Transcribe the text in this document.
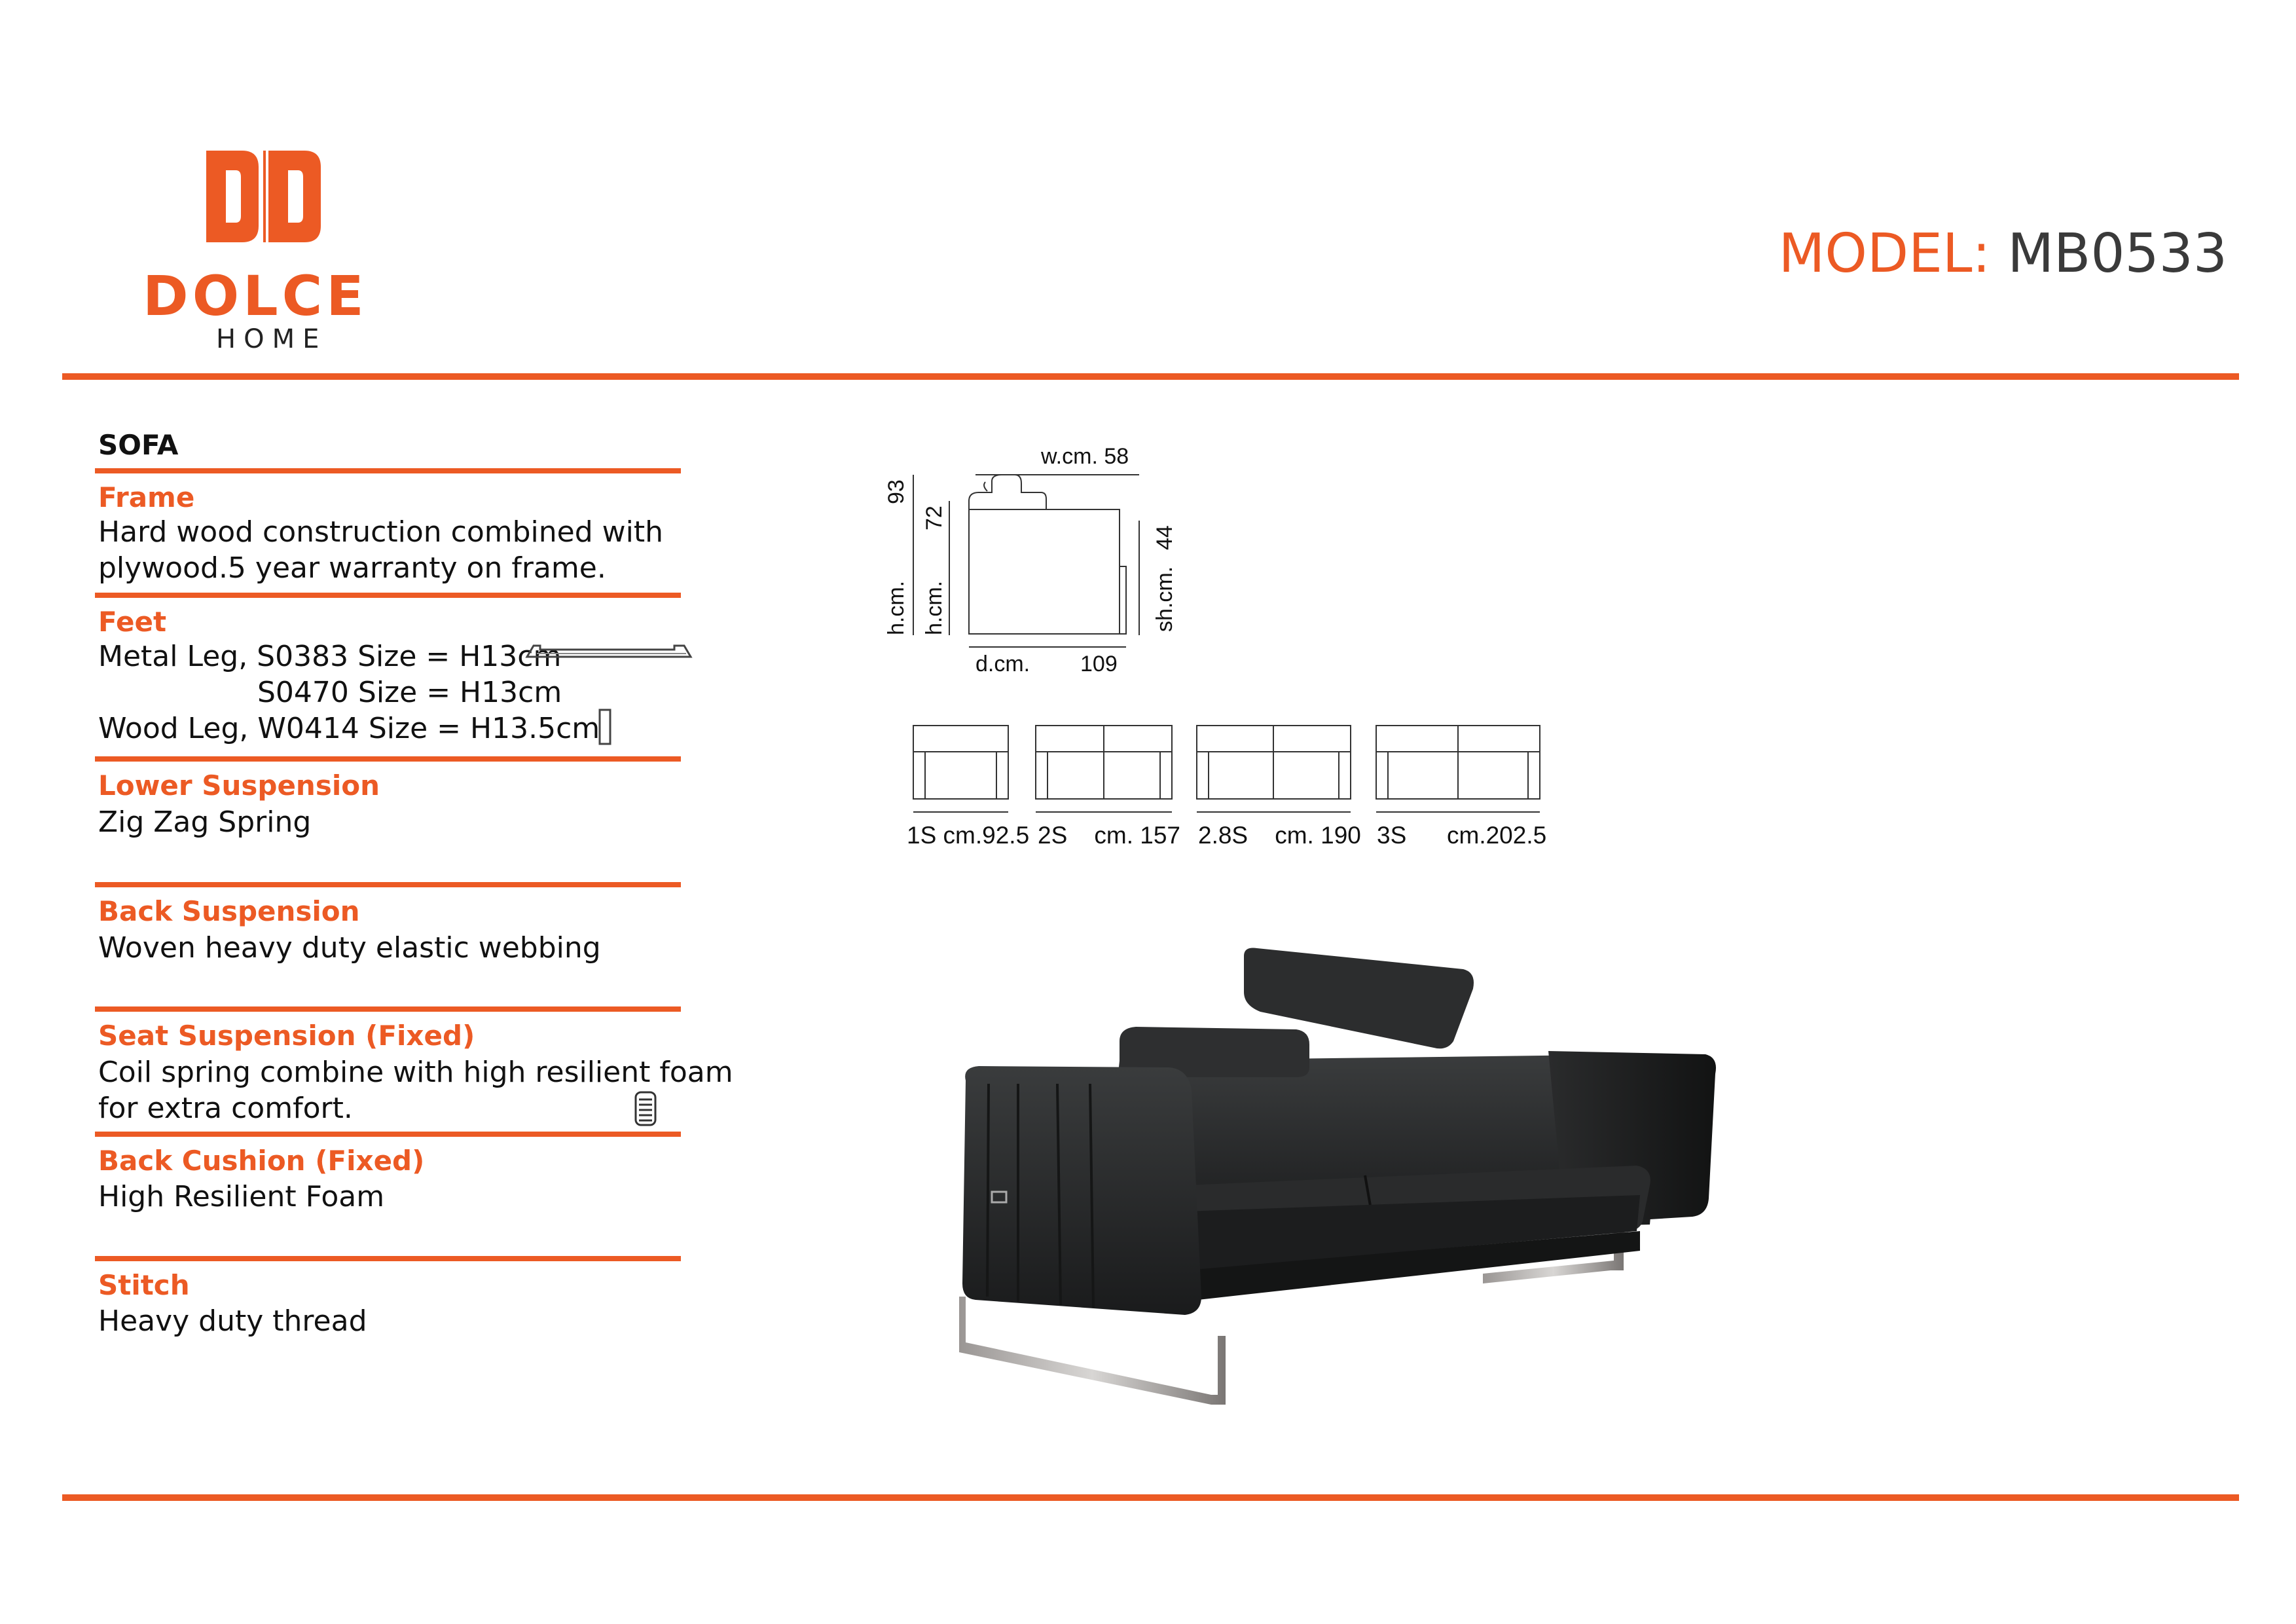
DOLCE
HOME
MODEL: MB0533
SOFA
Frame
Hard wood construction combined with
plywood.5 year warranty on frame.
Feet
Metal Leg, S0383 Size = H13cm
S0470 Size = H13cm
Wood Leg, W0414 Size = H13.5cm
Lower Suspension
Zig Zag Spring
Back Suspension
Woven heavy duty elastic webbing
Seat Suspension (Fixed)
Coil spring combine with high resilient foam
for extra comfort.
Back Cushion (Fixed)
High Resilient Foam
Stitch
Heavy duty thread
w.cm. 58
93
h.cm.
72
h.cm.
44
sh.cm.
d.cm. 109
1S cm.92.5 2S    cm. 157 2.8S    cm. 190 3S cm.202.5
